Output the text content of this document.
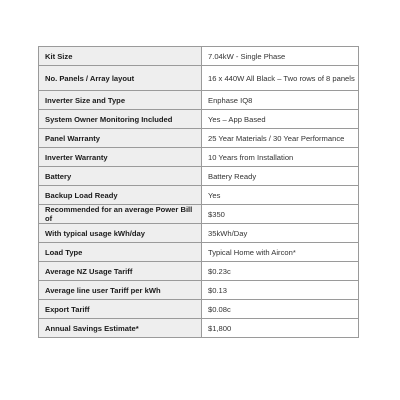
Kit Size	7.04kW - Single Phase
No. Panels / Array layout	16 x 440W All Black – Two rows of 8 panels
Inverter Size and Type	Enphase IQ8
System Owner Monitoring Included	Yes – App Based
Panel Warranty	25 Year Materials / 30 Year Performance
Inverter Warranty	10 Years from Installation
Battery	Battery Ready
Backup Load Ready	Yes
Recommended for an average Power Bill of	$350
With typical usage kWh/day	35kWh/Day
Load Type	Typical Home with Aircon*
Average NZ Usage Tariff	$0.23c
Average line user Tariff per kWh	$0.13
Export Tariff	$0.08c
Annual Savings Estimate*	$1,800
